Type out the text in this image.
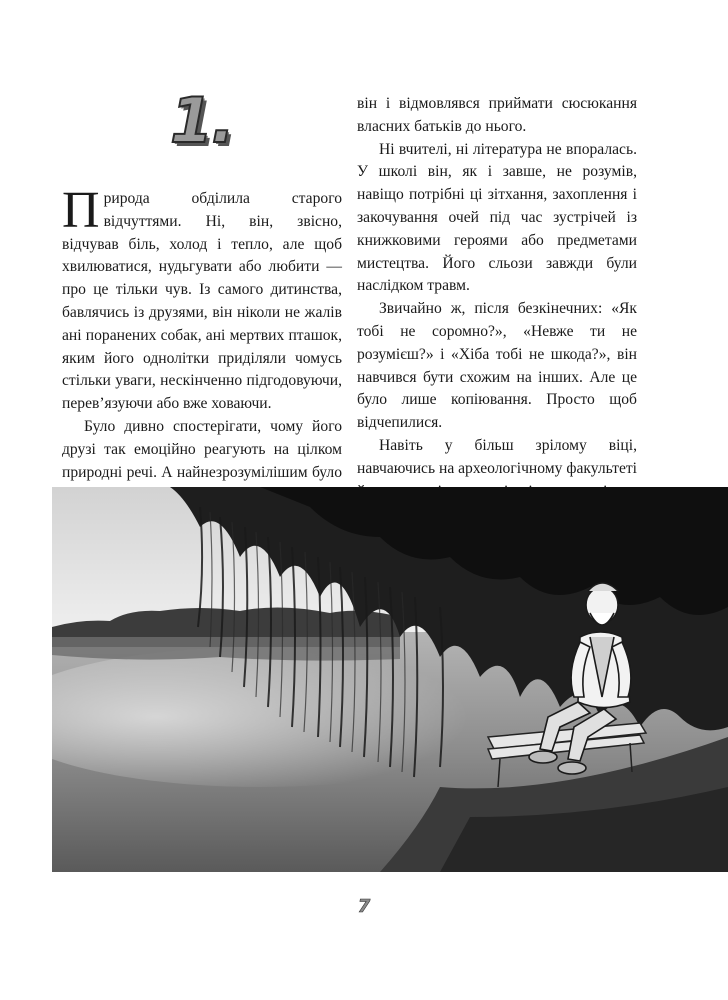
1.

Природа обділила старого відчуттями. Ні, він, звісно, відчував біль, холод і тепло, але щоб хвилюватися, нудьгувати або любити — про це тільки чув. Із самого дитинства, бавлячись із друзями, він ніколи не жалів ані поранених собак, ані мертвих пташок, яким його однолітки приділяли чомусь стільки уваги, нескінченно підгодовуючи, перев’язуючи або вже ховаючи.

Було дивно спостерігати, чому його друзі так емоційно реагують на цілком природні речі. А найнезрозумілішим було

він і відмовлявся приймати сюсюкання власних батьків до нього.

Ні вчителі, ні література не впоралась. У школі він, як і завше, не розумів, навіщо потрібні ці зітхання, захоплення і закочування очей під час зустрічей із книжковими героями або предметами мистецтва. Його сльози завжди були наслідком травм.

Звичайно ж, після безкінечних: «Як тобі не соромно?», «Невже ти не розумієш?» і «Хіба тобі не шкода?», він навчився бути схожим на інших. Але це було лише копіювання. Просто щоб відчепилися.

Навіть у більш зрілому віці, навчаючись на археологічному факультеті

7
